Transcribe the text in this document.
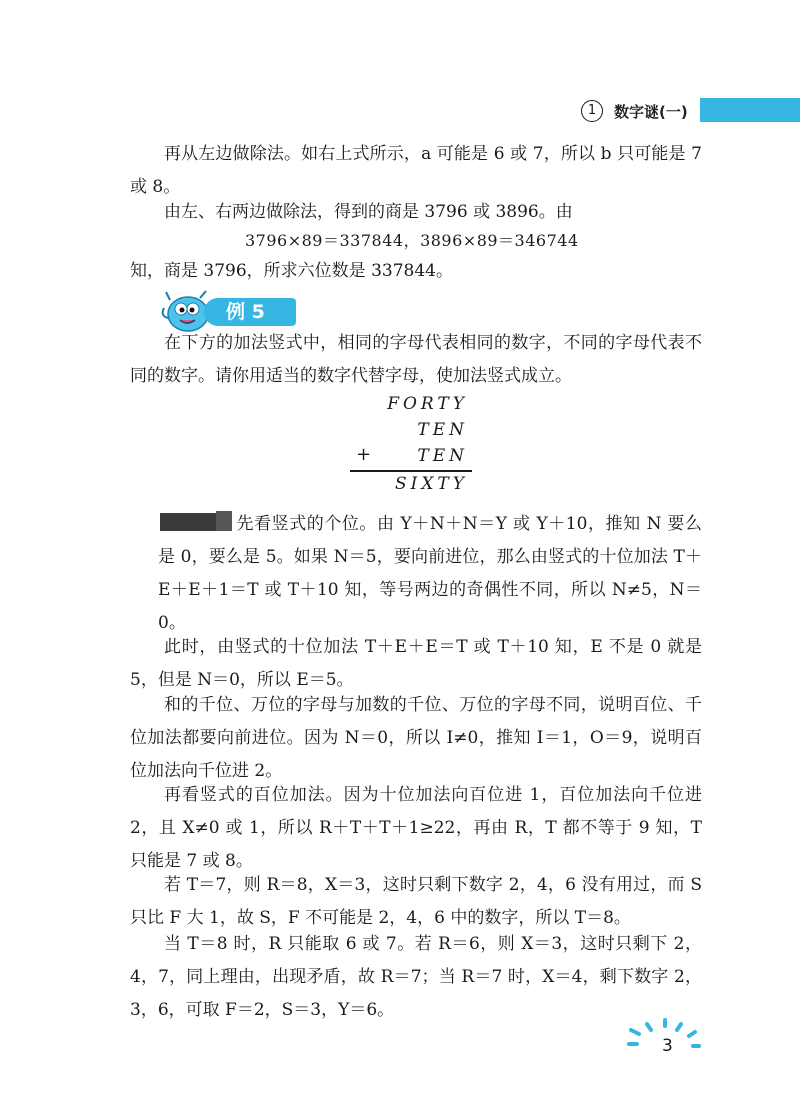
1	数字谜(一)
再从左边做除法。如右上式所示，a 可能是 6 或 7，所以 b 只可能是 7 或 8。
由左、右两边做除法，得到的商是 3796 或 3896。由
3796×89＝337844，3896×89＝346744
知，商是 3796，所求六位数是 337844。
例 5
在下方的加法竖式中，相同的字母代表相同的数字，不同的字母代表不同的数字。请你用适当的数字代替字母，使加法竖式成立。
FORTY
TEN
+	TEN
SIXTY
先看竖式的个位。由 Y＋N＋N＝Y 或 Y＋10，推知 N 要么是 0，要么是 5。如果 N＝5，要向前进位，那么由竖式的十位加法 T＋E＋E＋1＝T 或 T＋10 知，等号两边的奇偶性不同，所以 N≠5，N＝0。
此时，由竖式的十位加法 T＋E＋E＝T 或 T＋10 知，E 不是 0 就是 5，但是 N＝0，所以 E＝5。
和的千位、万位的字母与加数的千位、万位的字母不同，说明百位、千位加法都要向前进位。因为 N＝0，所以 I≠0，推知 I＝1，O＝9，说明百位加法向千位进 2。
再看竖式的百位加法。因为十位加法向百位进 1，百位加法向千位进 2，且 X≠0 或 1，所以 R＋T＋T＋1≥22，再由 R，T 都不等于 9 知，T 只能是 7 或 8。
若 T＝7，则 R＝8，X＝3，这时只剩下数字 2，4，6 没有用过，而 S 只比 F 大 1，故 S，F 不可能是 2，4，6 中的数字，所以 T＝8。
当 T＝8 时，R 只能取 6 或 7。若 R＝6，则 X＝3，这时只剩下 2，4，7，同上理由，出现矛盾，故 R＝7；当 R＝7 时，X＝4，剩下数字 2，3，6，可取 F＝2，S＝3，Y＝6。
3
